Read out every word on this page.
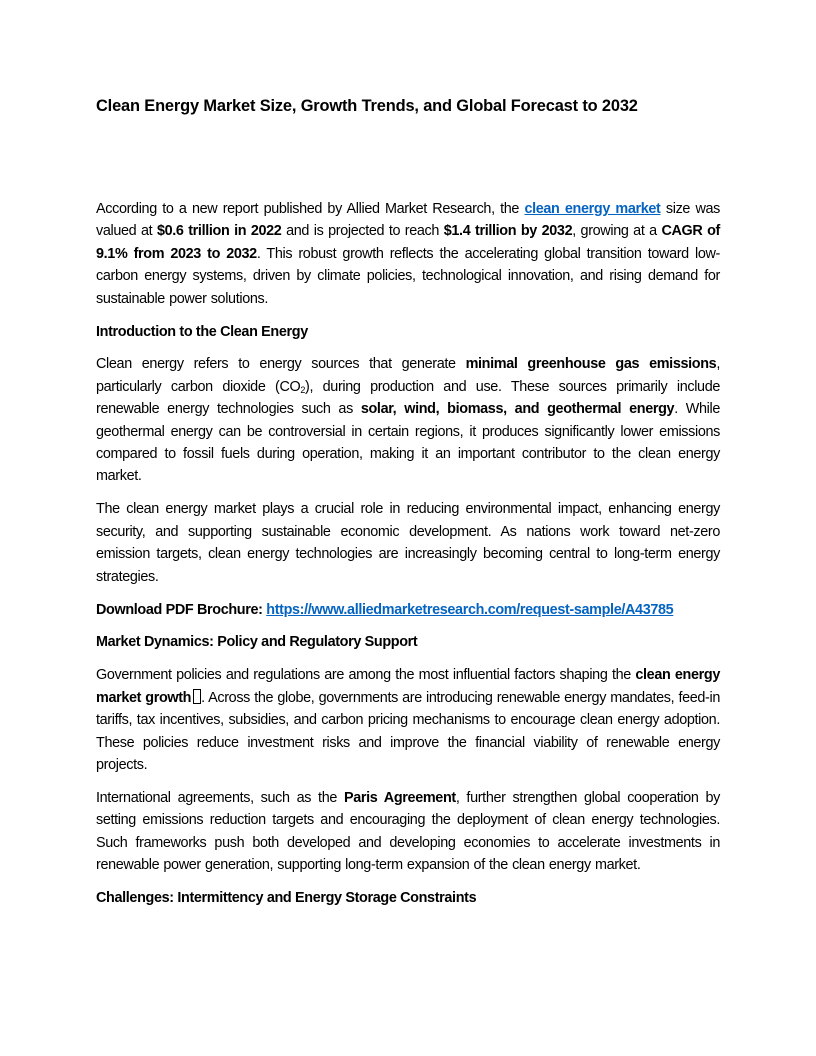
Clean Energy Market Size, Growth Trends, and Global Forecast to 2032

According to a new report published by Allied Market Research, the clean energy market size was valued at $0.6 trillion in 2022 and is projected to reach $1.4 trillion by 2032, growing at a CAGR of 9.1% from 2023 to 2032. This robust growth reflects the accelerating global transition toward low-carbon energy systems, driven by climate policies, technological innovation, and rising demand for sustainable power solutions.

Introduction to the Clean Energy

Clean energy refers to energy sources that generate minimal greenhouse gas emissions, particularly carbon dioxide $(CO_2)$, during production and use. These sources primarily include renewable energy technologies such as solar, wind, biomass, and geothermal energy. While geothermal energy can be controversial in certain regions, it produces significantly lower emissions compared to fossil fuels during operation, making it an important contributor to the clean energy market.

The clean energy market plays a crucial role in reducing environmental impact, enhancing energy security, and supporting sustainable economic development. As nations work toward net-zero emission targets, clean energy technologies are increasingly becoming central to long-term energy strategies.

Download PDF Brochure: https://www.alliedmarketresearch.com/request-sample/A43785

Market Dynamics: Policy and Regulatory Support

Government policies and regulations are among the most influential factors shaping the clean energy market growth . Across the globe, governments are introducing renewable energy mandates, feed-in tariffs, tax incentives, subsidies, and carbon pricing mechanisms to encourage clean energy adoption. These policies reduce investment risks and improve the financial viability of renewable energy projects.

International agreements, such as the Paris Agreement, further strengthen global cooperation by setting emissions reduction targets and encouraging the deployment of clean energy technologies. Such frameworks push both developed and developing economies to accelerate investments in renewable power generation, supporting long-term expansion of the clean energy market.

Challenges: Intermittency and Energy Storage Constraints
